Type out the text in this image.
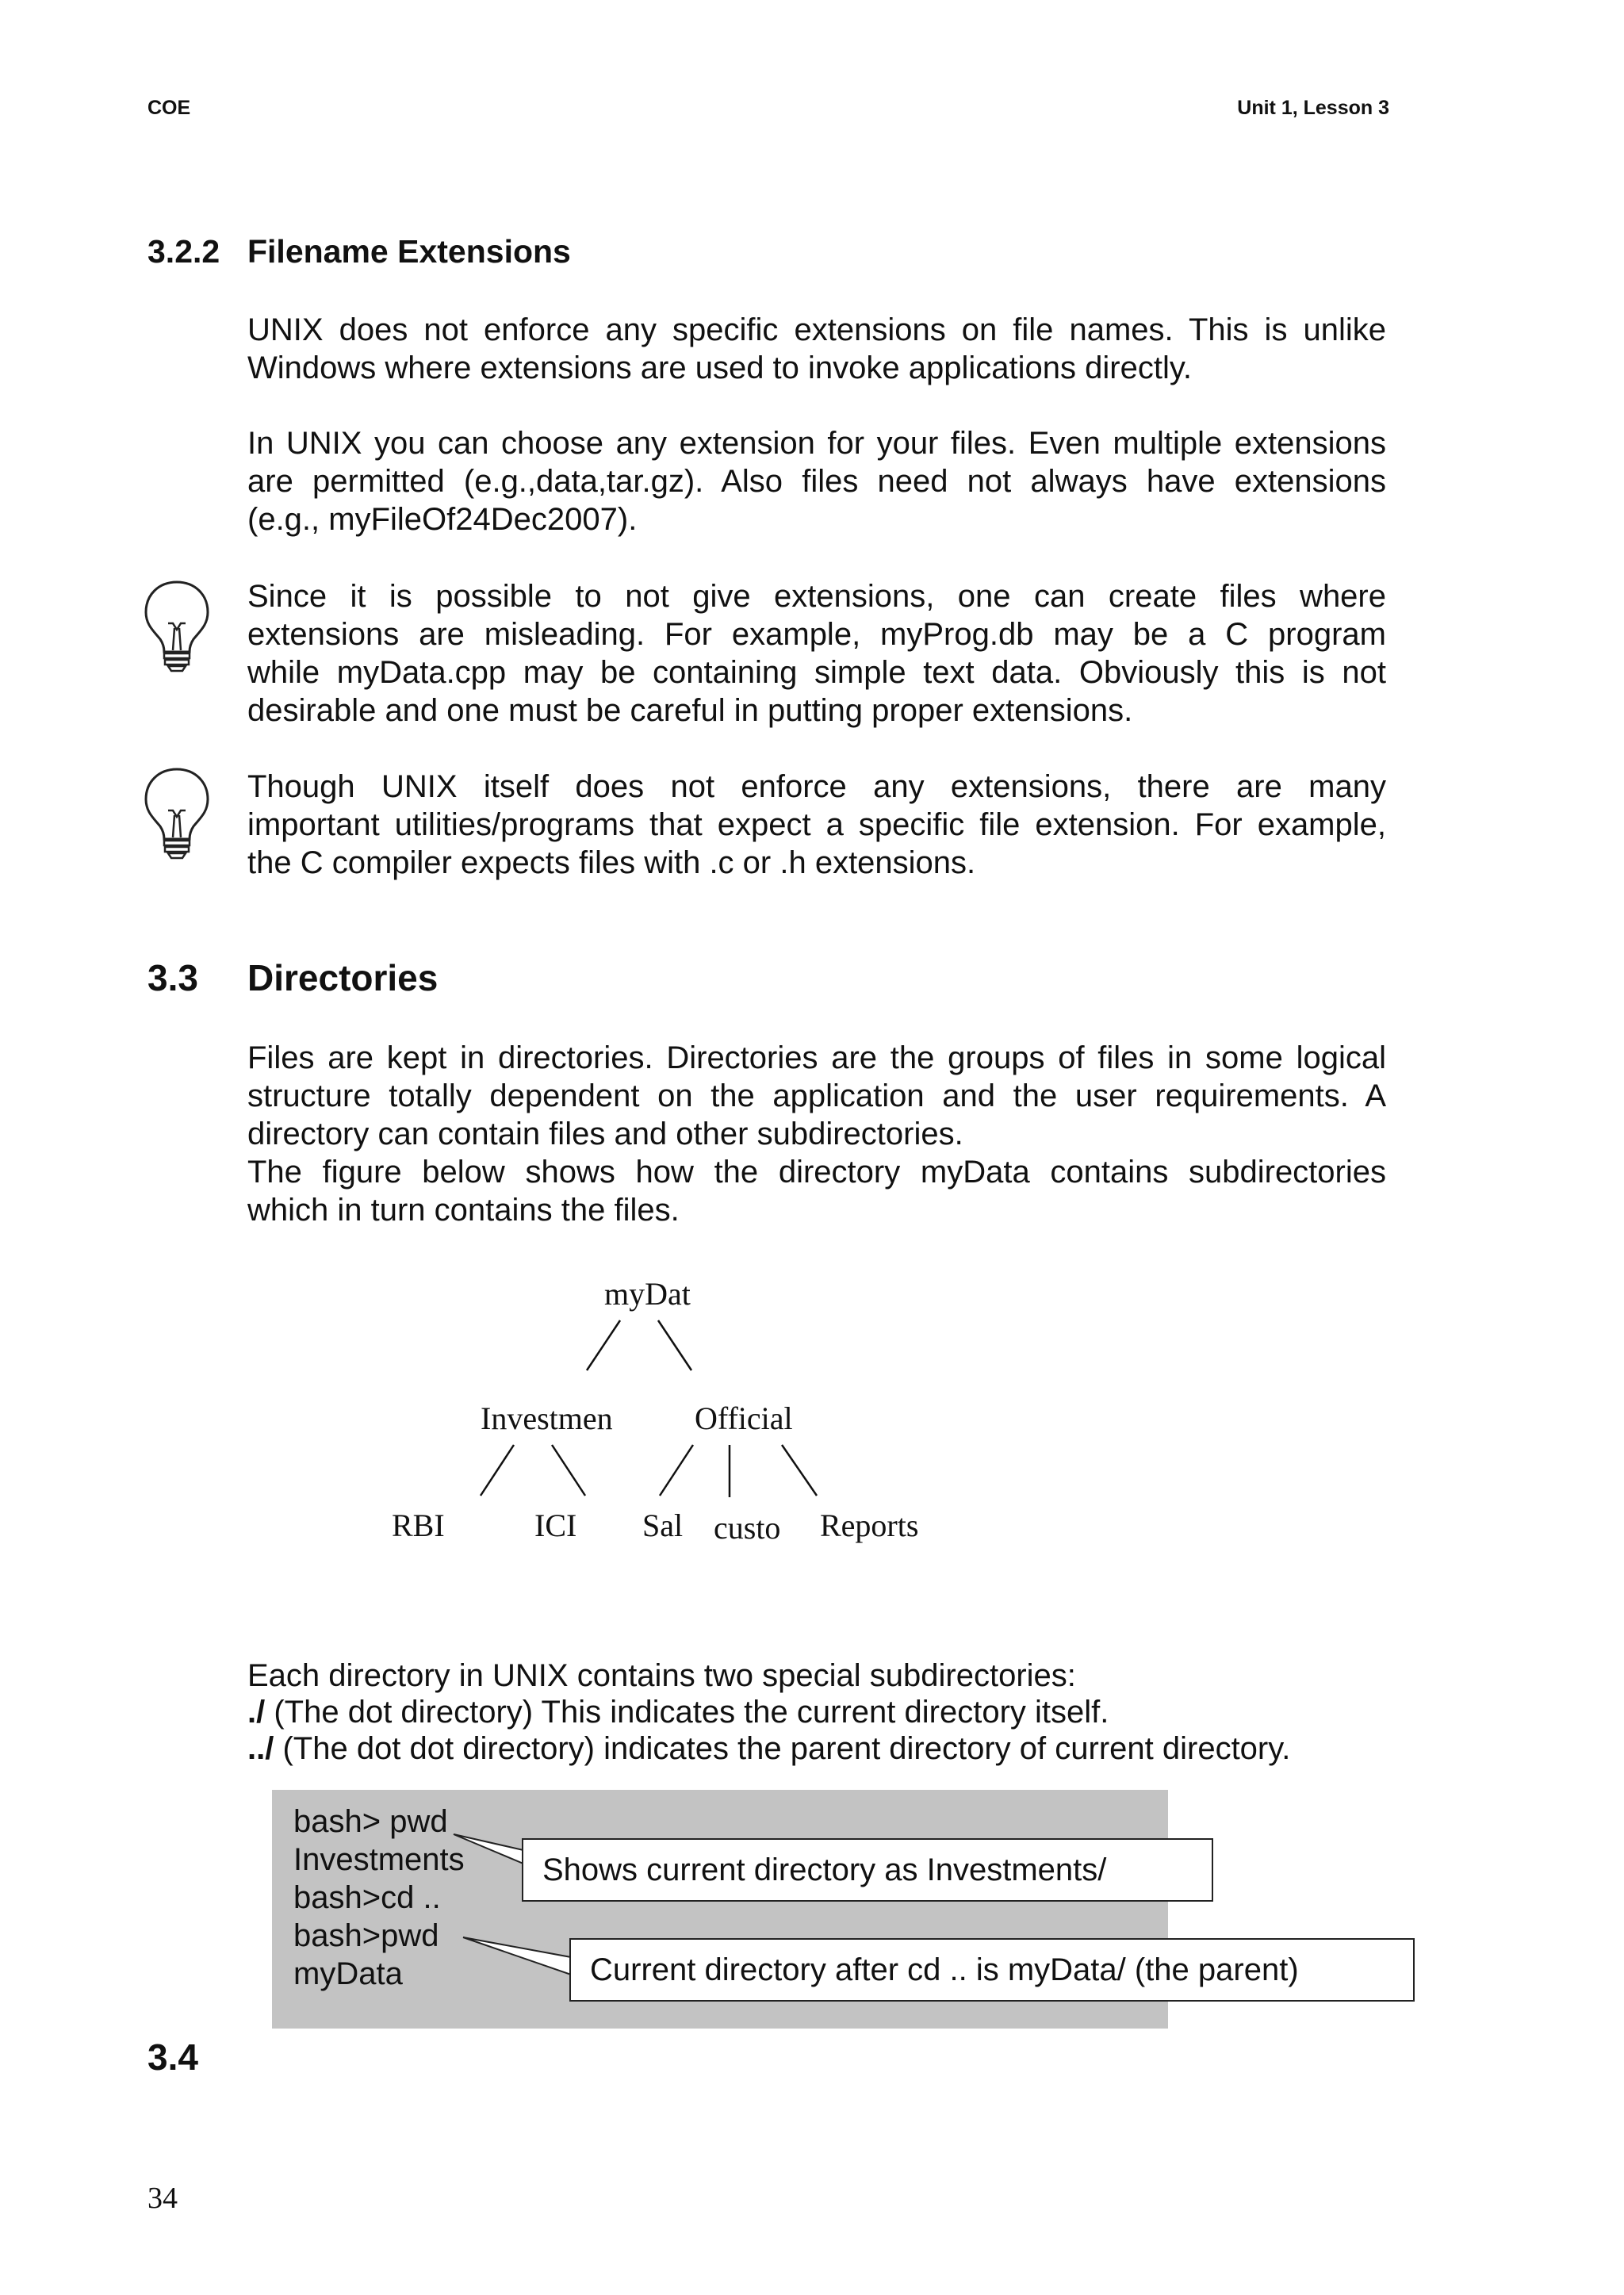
COE	Unit 1, Lesson 3
3.2.2 Filename Extensions
UNIX does not enforce any specific extensions on file names. This is unlike
Windows where extensions are used to invoke applications directly.
In UNIX you can choose any extension for your files. Even multiple extensions
are permitted (e.g.,data,tar.gz). Also files need not always have extensions
(e.g., myFileOf24Dec2007).
Since it is possible to not give extensions, one can create files where
extensions are misleading. For example, myProg.db may be a C program
while myData.cpp may be containing simple text data. Obviously this is not
desirable and one must be careful in putting proper extensions.
Though UNIX itself does not enforce any extensions, there are many
important utilities/programs that expect a specific file extension. For example,
the C compiler expects files with .c or .h extensions.
3.3 Directories
Files are kept in directories. Directories are the groups of files in some logical
structure totally dependent on the application and the user requirements. A
directory can contain files and other subdirectories.
The figure below shows how the directory myData contains subdirectories
which in turn contains the files.
myDat
Investmen	Official
RBI	ICI Sal custo Reports
Each directory in UNIX contains two special subdirectories:
./ (The dot directory) This indicates the current directory itself.
../ (The dot dot directory) indicates the parent directory of current directory.
bash> pwd
Investments
bash>cd ..
bash>pwd
myData
Shows current directory as Investments/
Current directory after cd .. is myData/ (the parent)
3.4
34
